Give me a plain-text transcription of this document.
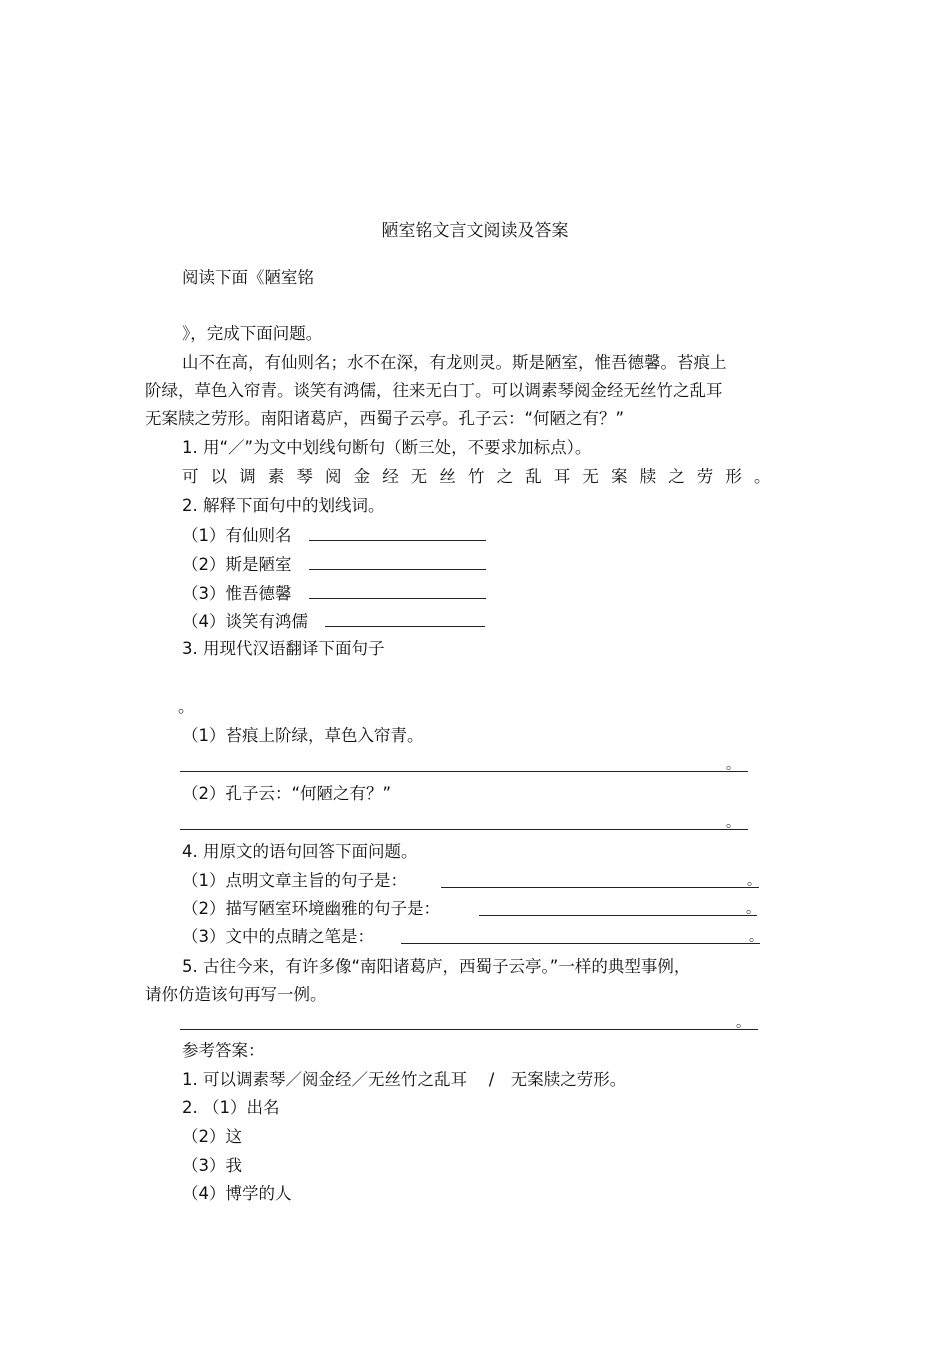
陋室铭文言文阅读及答案
阅读下面《陋室铭
》，完成下面问题。
山不在高，有仙则名；水不在深，有龙则灵。斯是陋室，惟吾德馨。苔痕上
阶绿，草色入帘青。谈笑有鸿儒，往来无白丁。可以调素琴阅金经无丝竹之乱耳
无案牍之劳形。南阳诸葛庐，西蜀子云亭。孔子云：“何陋之有？”
1. 用“／”为文中划线句断句（断三处，不要求加标点）。
可以调素琴阅金经无丝竹之乱耳无案牍之劳形。
2. 解释下面句中的划线词。
（1）有仙则名
（2）斯是陋室
（3）惟吾德馨
（4）谈笑有鸿儒
3. 用现代汉语翻译下面句子
。
（1）苔痕上阶绿，草色入帘青。
。
（2）孔子云：“何陋之有？”
。
4. 用原文的语句回答下面问题。
（1）点明文章主旨的句子是：	。
（2）描写陋室环境幽雅的句子是：	。
（3）文中的点睛之笔是：	。
5. 古往今来，有许多像“南阳诸葛庐，西蜀子云亭。”一样的典型事例，
请你仿造该句再写一例。
。
参考答案：
1. 可以调素琴／阅金经／无丝竹之乱耳　 /　无案牍之劳形。
2. （1）出名
（2）这
（3）我
（4）博学的人
